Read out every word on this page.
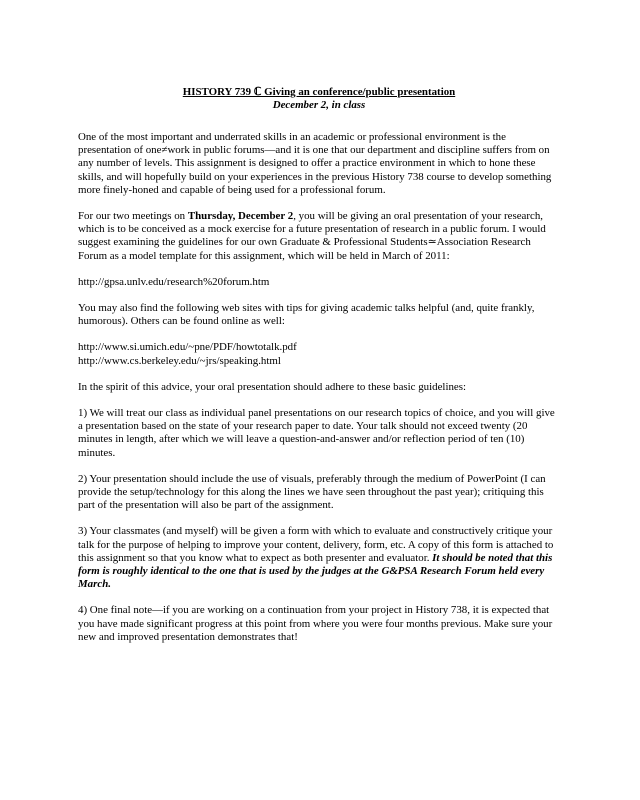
HISTORY 739 ℂ Giving an conference/public presentation
December 2, in class

One of the most important and underrated skills in an academic or professional environment is the presentation of one≠work in public forums—and it is one that our department and discipline suffers from on any number of levels. This assignment is designed to offer a practice environment in which to hone these skills, and will hopefully build on your experiences in the previous History 738 course to develop something more finely-honed and capable of being used for a professional forum.

For our two meetings on Thursday, December 2, you will be giving an oral presentation of your research, which is to be conceived as a mock exercise for a future presentation of research in a public forum. I would suggest examining the guidelines for our own Graduate & Professional Students≃Association Research Forum as a model template for this assignment, which will be held in March of 2011:

http://gpsa.unlv.edu/research%20forum.htm

You may also find the following web sites with tips for giving academic talks helpful (and, quite frankly, humorous). Others can be found online as well:

http://www.si.umich.edu/~pne/PDF/howtotalk.pdf
http://www.cs.berkeley.edu/~jrs/speaking.html

In the spirit of this advice, your oral presentation should adhere to these basic guidelines:

1) We will treat our class as individual panel presentations on our research topics of choice, and you will give a presentation based on the state of your research paper to date. Your talk should not exceed twenty (20 minutes in length, after which we will leave a question-and-answer and/or reflection period of ten (10) minutes.

2) Your presentation should include the use of visuals, preferably through the medium of PowerPoint (I can provide the setup/technology for this along the lines we have seen throughout the past year); critiquing this part of the presentation will also be part of the assignment.

3) Your classmates (and myself) will be given a form with which to evaluate and constructively critique your talk for the purpose of helping to improve your content, delivery, form, etc. A copy of this form is attached to this assignment so that you know what to expect as both presenter and evaluator. It should be noted that this form is roughly identical to the one that is used by the judges at the G&PSA Research Forum held every March.

4) One final note—if you are working on a continuation from your project in History 738, it is expected that you have made significant progress at this point from where you were four months previous. Make sure your new and improved presentation demonstrates that!
